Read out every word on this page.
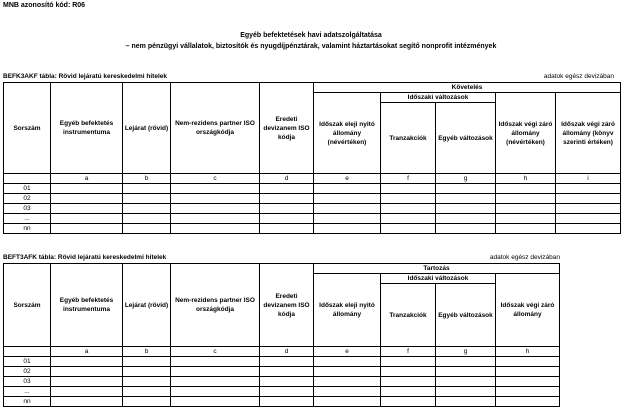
MNB azonosító kód: R06
Egyéb befektetések havi adatszolgáltatása
– nem pénzügyi vállalatok, biztosítók és nyugdíjpénztárak, valamint háztartásokat segítő nonprofit intézmények
BEFK3AKF tábla: Rövid lejáratú kereskedelmi hitelek	adatok egész devizában
Sorszám	Egyéb befektetés instrumentuma	Lejárat (rövid)	Nem-rezidens partner ISO országkódja	Eredeti devizanem ISO kódja	Követelés				
					Időszak eleji nyitó állomány (névértéken)	Időszaki változások		Időszak végi záró állomány (névértéken)	Időszak végi záró állomány (könyv szerinti értéken)
						Tranzakciók	Egyéb változások		
	a	b	c	d	e	f	g	h	i
01									
02									
03									
...									
nn									
BEFT3AFK tábla: Rövid lejáratú kereskedelmi hitelek	adatok egész devizában
Sorszám	Egyéb befektetés instrumentuma	Lejárat (rövid)	Nem-rezidens partner ISO országkódja	Eredeti devizanem ISO kódja	Tartozás			
					Időszak eleji nyitó állomány	Időszaki változások		Időszak végi záró állomány
						Tranzakciók	Egyéb változások	
	a	b	c	d	e	f	g	h
01								
02								
03								
...								
nn								
